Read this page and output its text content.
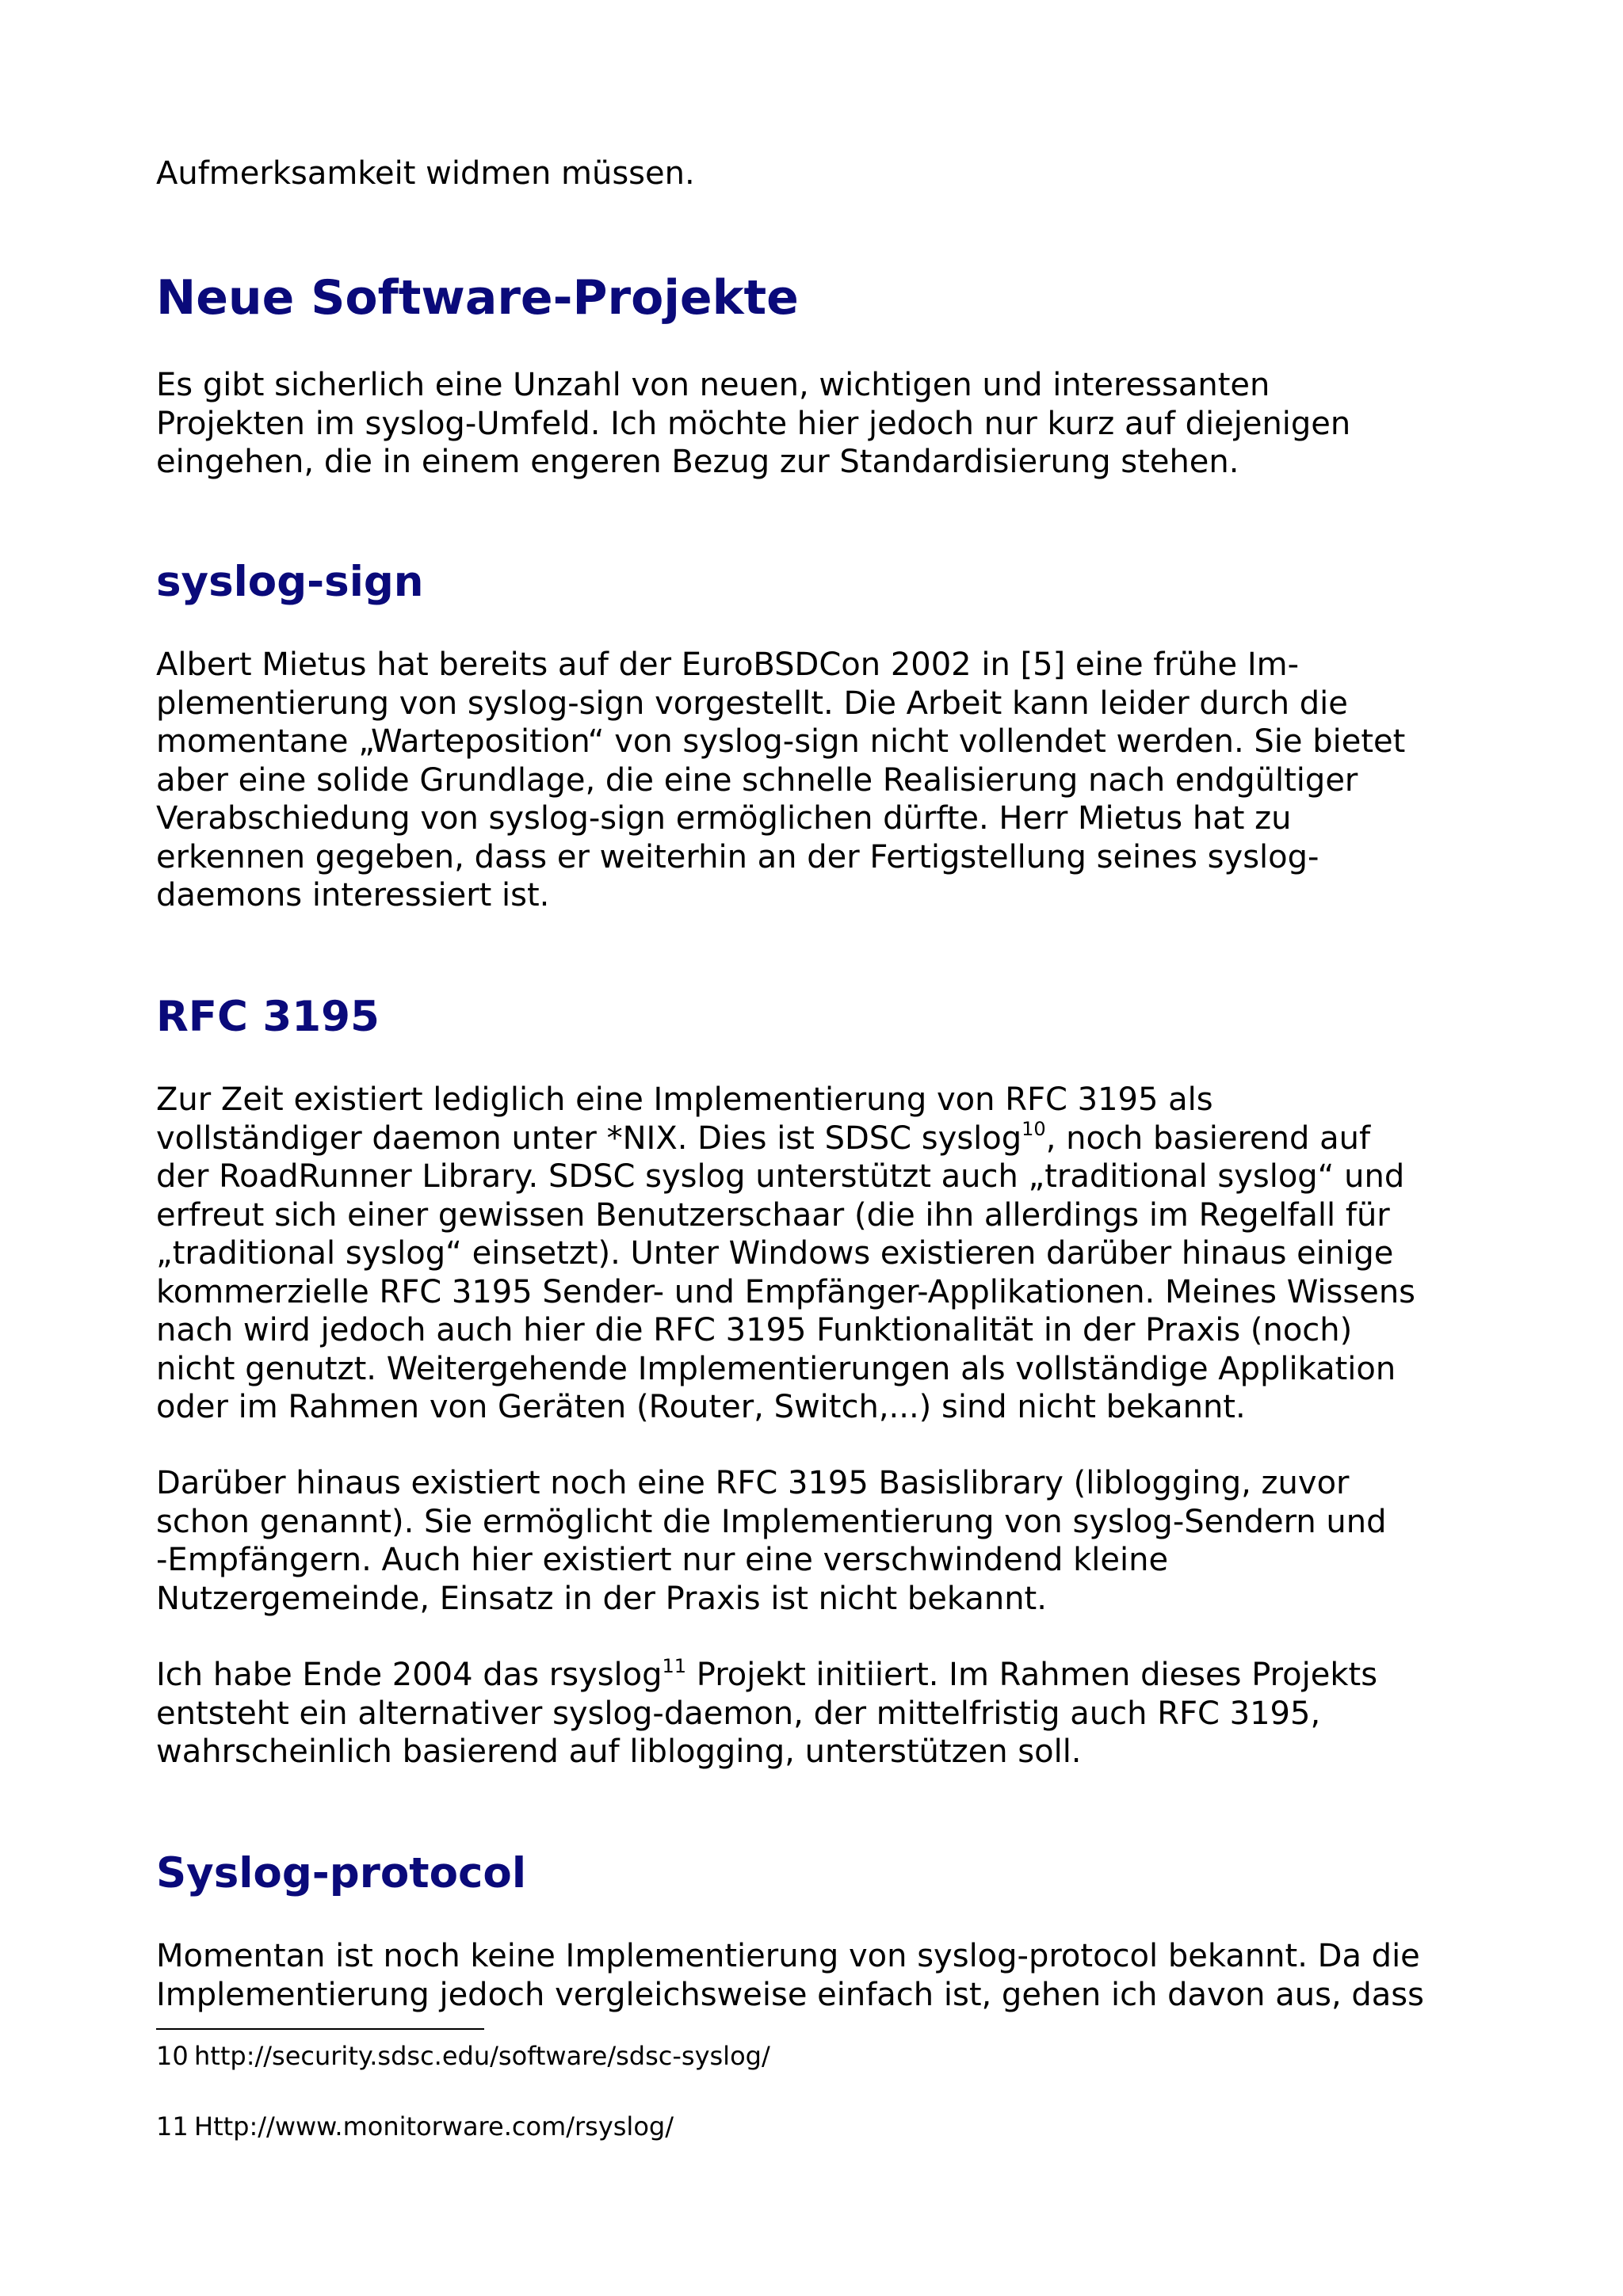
Aufmerksamkeit widmen müssen.

Neue Software-Projekte

Es gibt sicherlich eine Unzahl von neuen, wichtigen und interessanten
Projekten im syslog-Umfeld. Ich möchte hier jedoch nur kurz auf diejenigen
eingehen, die in einem engeren Bezug zur Standardisierung stehen.

syslog-sign

Albert Mietus hat bereits auf der EuroBSDCon 2002 in [5] eine frühe Im-
plementierung von syslog-sign vorgestellt. Die Arbeit kann leider durch die
momentane „Warteposition“ von syslog-sign nicht vollendet werden. Sie bietet
aber eine solide Grundlage, die eine schnelle Realisierung nach endgültiger
Verabschiedung von syslog-sign ermöglichen dürfte. Herr Mietus hat zu
erkennen gegeben, dass er weiterhin an der Fertigstellung seines syslog-
daemons interessiert ist.

RFC 3195

Zur Zeit existiert lediglich eine Implementierung von RFC 3195 als
vollständiger daemon unter *NIX. Dies ist SDSC syslog$^{10}$, noch basierend auf
der RoadRunner Library. SDSC syslog unterstützt auch „traditional syslog“ und
erfreut sich einer gewissen Benutzerschaar (die ihn allerdings im Regelfall für
„traditional syslog“ einsetzt). Unter Windows existieren darüber hinaus einige
kommerzielle RFC 3195 Sender- und Empfänger-Applikationen. Meines Wissens
nach wird jedoch auch hier die RFC 3195 Funktionalität in der Praxis (noch)
nicht genutzt. Weitergehende Implementierungen als vollständige Applikation
oder im Rahmen von Geräten (Router, Switch,...) sind nicht bekannt.

Darüber hinaus existiert noch eine RFC 3195 Basislibrary (liblogging, zuvor
schon genannt). Sie ermöglicht die Implementierung von syslog-Sendern und
-Empfängern. Auch hier existiert nur eine verschwindend kleine
Nutzergemeinde, Einsatz in der Praxis ist nicht bekannt.

Ich habe Ende 2004 das rsyslog$^{11}$ Projekt initiiert. Im Rahmen dieses Projekts
entsteht ein alternativer syslog-daemon, der mittelfristig auch RFC 3195,
wahrscheinlich basierend auf liblogging, unterstützen soll.

Syslog-protocol

Momentan ist noch keine Implementierung von syslog-protocol bekannt. Da die
Implementierung jedoch vergleichsweise einfach ist, gehen ich davon aus, dass

10 http://security.sdsc.edu/software/sdsc-syslog/
11 Http://www.monitorware.com/rsyslog/
